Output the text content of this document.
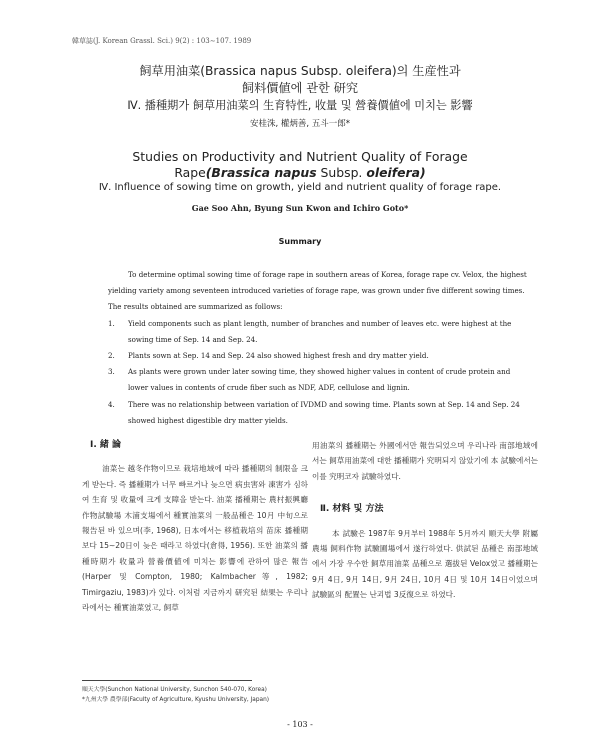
韓草誌(J. Korean Grassl. Sci.) 9(2) : 103∼107. 1989
飼草用油菜(Brassica napus Subsp. oleifera)의 生産性과
飼料價値에 관한 研究
Ⅳ. 播種期가 飼草用油菜의 生育特性, 收量 및 營養價値에 미치는 影響
安桂洙, 權炳善, 五斗一郎*
Studies on Productivity and Nutrient Quality of Forage
Rape(Brassica napus Subsp. oleifera)
Ⅳ. Influence of sowing time on growth, yield and nutrient quality of forage rape.
Gae Soo Ahn, Byung Sun Kwon and Ichiro Goto*
Summary

To determine optimal sowing time of forage rape in southern areas of Korea, forage rape cv. Velox, the highest yielding variety among seventeen introduced varieties of forage rape, was grown under five different sowing times. The results obtained are summarized as follows:

1.	Yield components such as plant length, number of branches and number of leaves etc. were highest at the sowing time of Sep. 14 and Sep. 24.
2.	Plants sown at Sep. 14 and Sep. 24 also showed highest fresh and dry matter yield.
3.	As plants were grown under later sowing time, they showed higher values in content of crude protein and lower values in contents of crude fiber such as NDF, ADF, cellulose and lignin.
4.	There was no relationship between variation of IVDMD and sowing time. Plants sown at Sep. 14 and Sep. 24 showed highest digestible dry matter yields.
Ⅰ. 緒 論

油菜는 越冬作物이므로 栽培地域에 따라 播種期의 制限을 크게 받는다. 즉 播種期가 너무 빠르거나 늦으면 病虫害와 凍害가 심하여 生育 및 收量에 크게 支障을 받는다. 油菜 播種期는 農村振興廳 作物試驗場 木浦支場에서 種實油菜의 一般品種은 10月 中旬으로 報告된 바 있으며(李, 1968), 日本에서는 移植栽培의 苗床 播種期보다 15∼20日이 늦은 때라고 하였다(倉得, 1956). 또한 油菜의 播種時期가 收量과 營養價値에 미치는 影響에 관하여 많은 報告(Harper 및 Compton, 1980; Kalmbacher等, 1982; Timirgaziu, 1983)가 있다. 이처럼 지금까지 研究된 結果는 우리나라에서는 種實油菜였고, 飼草

用油菜의 播種期는 外國에서만 報告되었으며 우리나라 南部地域에서는 飼草用油菜에 대한 播種期가 究明되지 않았기에 本 試驗에서는 이를 究明코자 試驗하였다.

Ⅱ. 材料 및 方法

本 試驗은 1987年 9月부터 1988年 5月까지 順天大學 附屬農場 飼料作物 試驗圃場에서 遂行하였다. 供試된 品種은 南部地域에서 가장 우수한 飼草用油菜 品種으로 選拔된 Velox였고 播種期는 9月 4日, 9月 14日, 9月 24日, 10月 4日 및 10月 14日이었으며 試驗區의 配置는 난괴법 3反復으로 하였다.

順天大學(Sunchon National University, Sunchon 540-070, Korea)
*九州大學 農學部(Faculty of Agriculture, Kyushu University, Japan)
- 103 -
